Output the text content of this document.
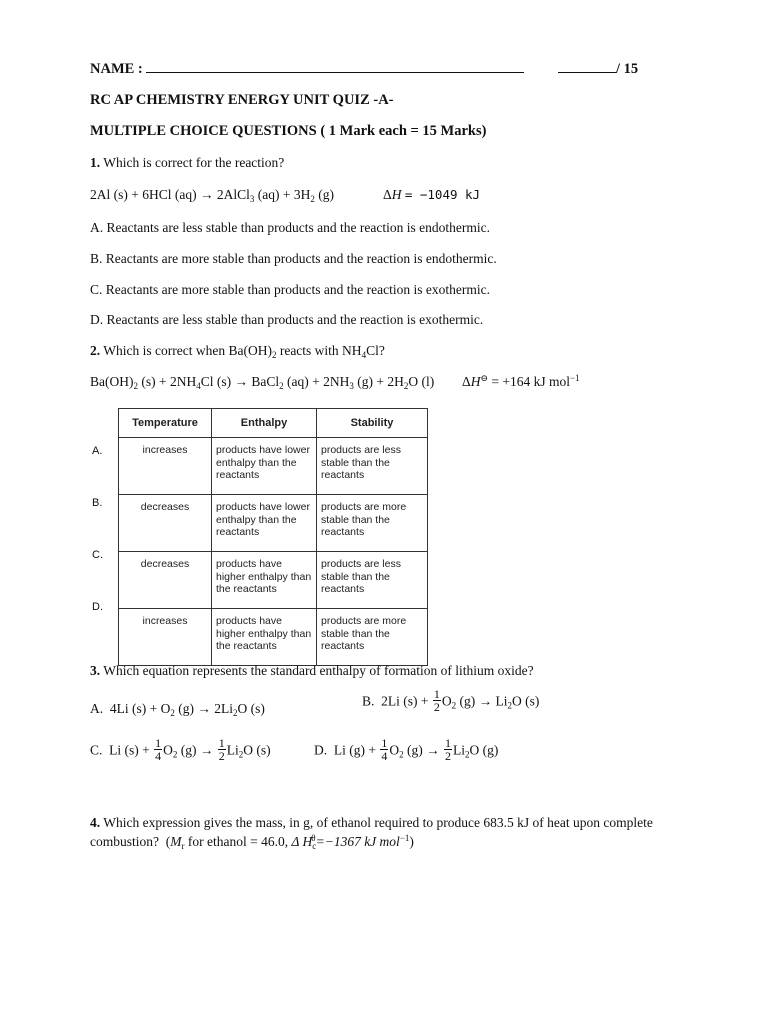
NAME :	/ 15
RC AP CHEMISTRY ENERGY UNIT QUIZ -A-
MULTIPLE CHOICE QUESTIONS ( 1 Mark each = 15 Marks)
1. Which is correct for the reaction?
2Al (s) + 6HCl (aq) → 2AlCl$_3$ $(aq) + 3H_2$ (g)	ΔH = −1049 kJ
A. Reactants are less stable than products and the reaction is endothermic.
B. Reactants are more stable than products and the reaction is endothermic.
C. Reactants are more stable than products and the reaction is exothermic.
D. Reactants are less stable than products and the reaction is exothermic.
2. Which is correct when $Ba(OH)_2$ reacts with $NH_4Cl$?
$Ba(OH)_2$ $(s) + 2NH_4Cl$ (s) → BaCl$_2$ $(aq) + 2NH_3$ $(g) + 2H_2O$ (l) ΔH⊖ = +164 kJ mol$^{-1}$
Temperature	Enthalpy	Stability
increases	products have lower enthalpy than the reactants	products are less stable than the reactants
decreases	products have lower enthalpy than the reactants	products are more stable than the reactants
decreases	products have higher enthalpy than the reactants	products are less stable than the reactants
increases	products have higher enthalpy than the reactants	products are more stable than the reactants
A.
B.
C.
D.
3. Which equation represents the standard enthalpy of formation of lithium oxide?
A.  4Li $(s) + O_2$ $(g) \to 2Li_2O$ (s)	B.  2Li $(s) + \frac{1}{2} O_2$ $(g) \to Li_2O$ (s)
C.  Li $(s) + \frac{1}{4} O_2$ $(g) \to \frac{1}{2} Li_2O$ (s)	D.  Li $(g) + \frac{1}{4} O_2$ $(g) \to \frac{1}{2} Li_2O$ (g)
4. Which expression gives the mass, in g, of ethanol required to produce 683.5 kJ of heat upon complete
combustion?  ($M_r$ for ethanol = 46.0, Δ $H_c^\theta=-1367$ kJ mol$^{-1}$)
